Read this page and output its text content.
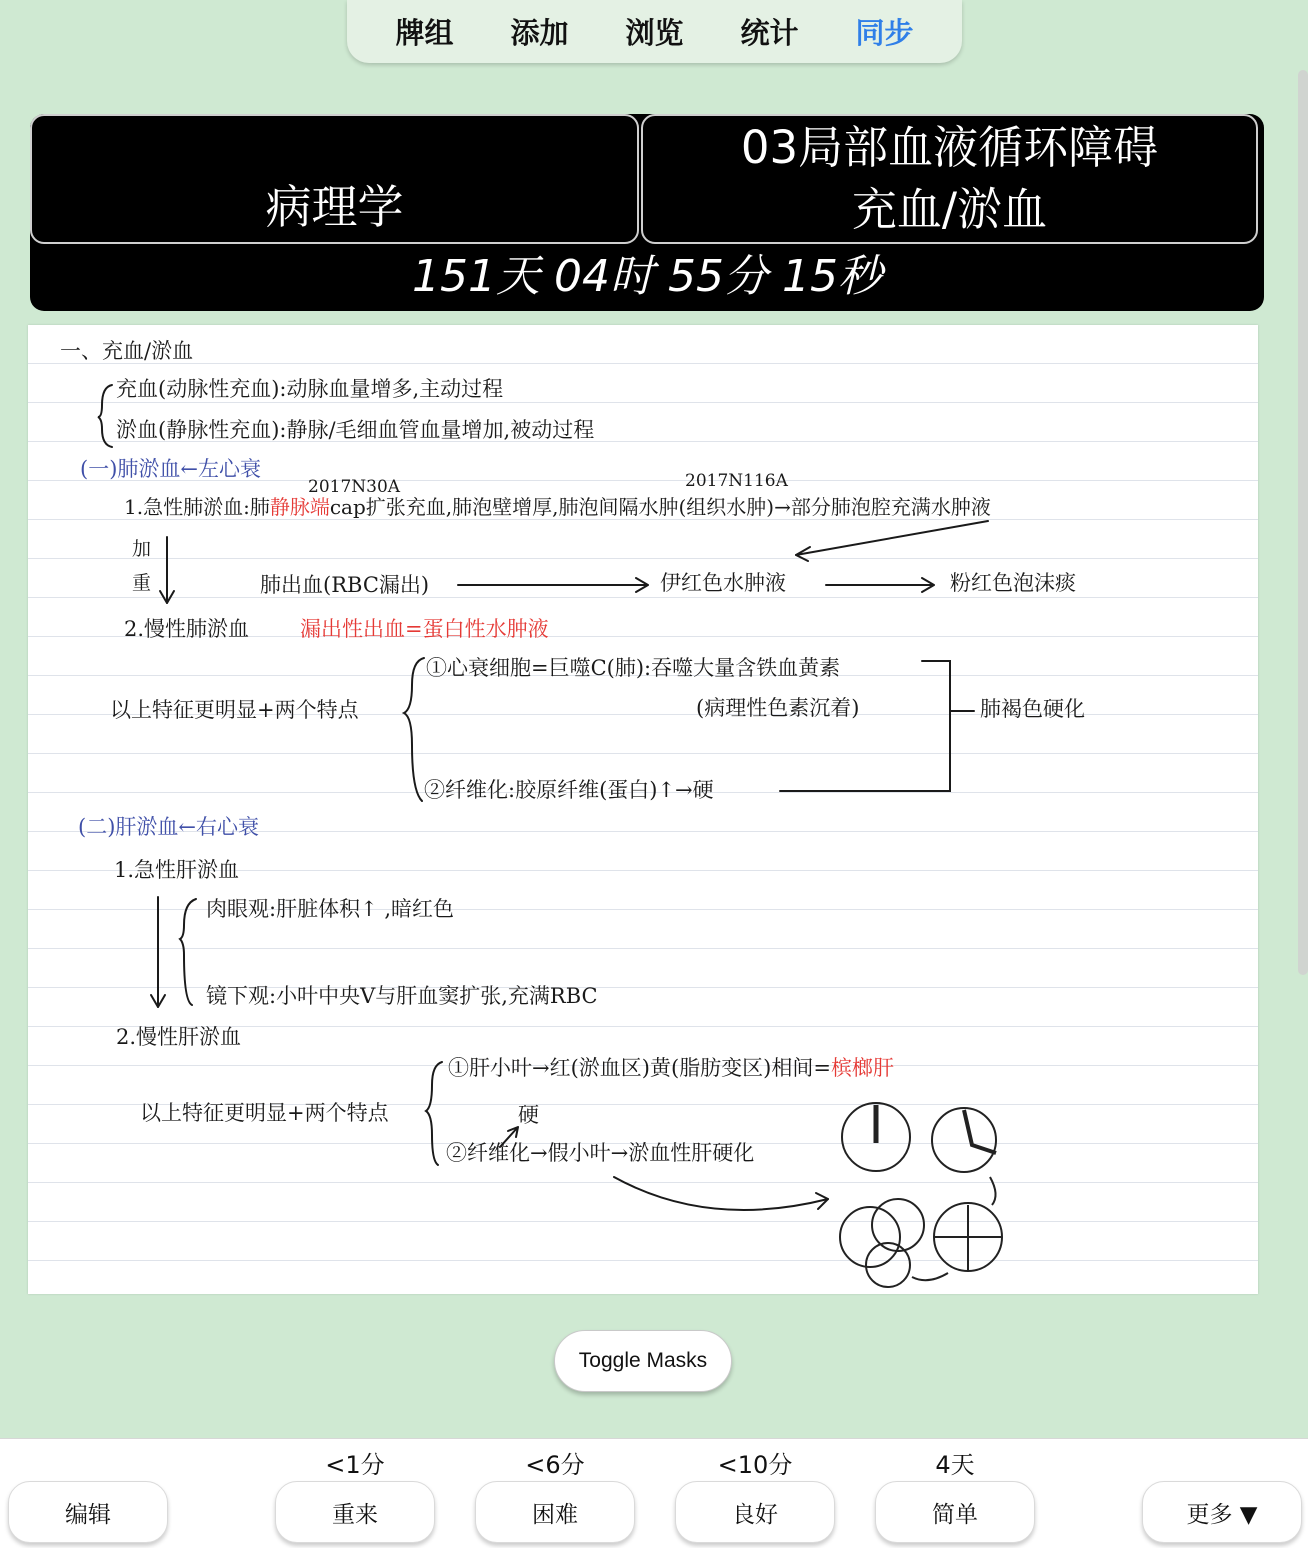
牌组 添加 浏览 统计 同步
病理学
03局部血液循环障碍
充血/淤血
151天 04时 55分 15秒
一、充血/淤血
充血(动脉性充血):动脉血量增多,主动过程
淤血(静脉性充血):静脉/毛细血管血量增加,被动过程
(一)肺淤血←左心衰
2017N30A	2017N116A
1.急性肺淤血:肺静脉端cap扩张充血,肺泡壁增厚,肺泡间隔水肿(组织水肿)→部分肺泡腔充满水肿液
加
重	肺出血(RBC漏出)	伊红色水肿液	粉红色泡沫痰
2.慢性肺淤血 漏出性出血=蛋白性水肿液
以上特征更明显+两个特点
①心衰细胞=巨噬C(肺):吞噬大量含铁血黄素
(病理性色素沉着)
②纤维化:胶原纤维(蛋白)↑→硬
肺褐色硬化
(二)肝淤血←右心衰
1.急性肝淤血
肉眼观:肝脏体积↑ ,暗红色
镜下观:小叶中央V与肝血窦扩张,充满RBC
2.慢性肝淤血
以上特征更明显+两个特点
①肝小叶→红(淤血区)黄(脂肪变区)相间=槟榔肝
硬
②纤维化→假小叶→淤血性肝硬化
Toggle Masks
编辑
<1分
重来
<6分
困难
<10分
良好
4天
简单	更多 ▼
